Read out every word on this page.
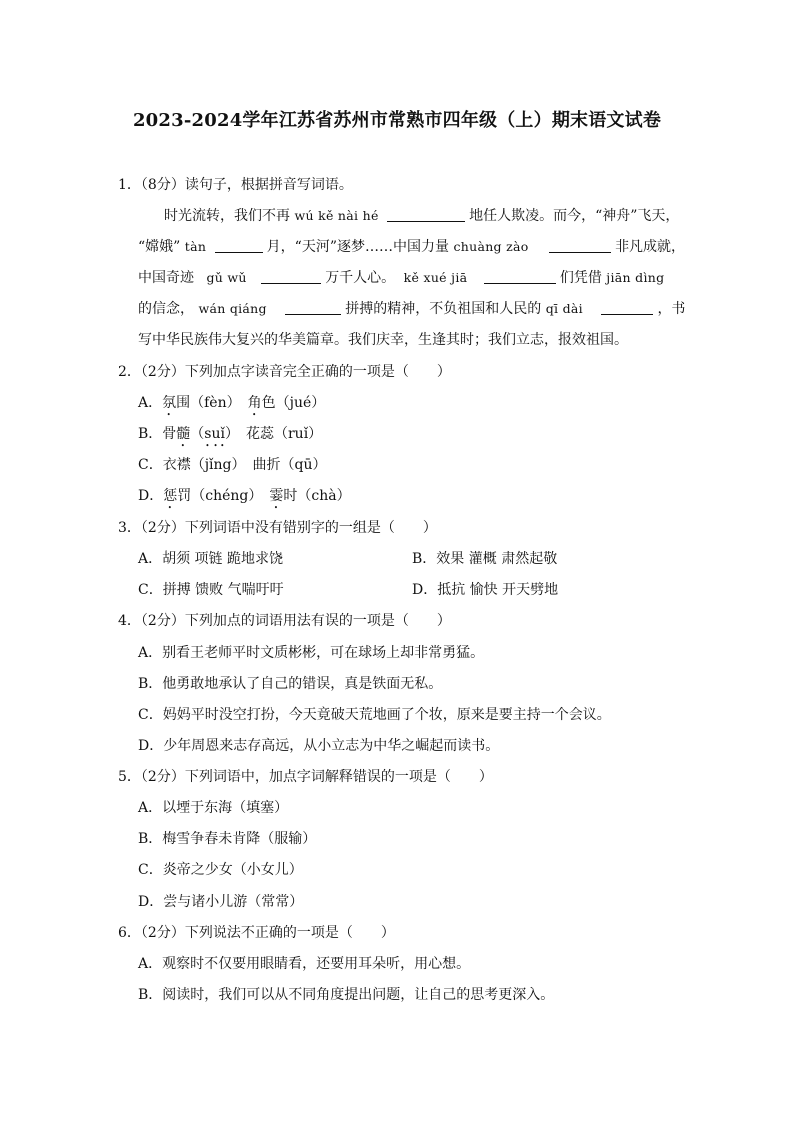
2023-2024学年江苏省苏州市常熟市四年级（上）期末语文试卷
1．（8分）读句子，根据拼音写词语。
时光流转，我们不再 wú kě nài hé	地任人欺凌。而今，“神舟”飞天，
“嫦娥” tàn	月，“天河”逐梦……中国力量 chuàng zào	非凡成就，
中国奇迹 gǔ wǔ	万千人心。 kě xué jiā	们凭借 jiān dìng
的信念， wán qiáng	拼搏的精神，不负祖国和人民的 qī dài	，书
写中华民族伟大复兴的华美篇章。我们庆幸，生逢其时；我们立志，报效祖国。
2．（2分）下列加点字读音完全正确的一项是（　　）
A．氛围（fèn）　 角色（jué）
B．骨髓（suǐ）　 花蕊（ruǐ）
C．衣襟（jǐng）　 曲折（qū）
D．惩罚（chéng）　 霎时（chà）
3．（2分）下列词语中没有错别字的一组是（　　）
A．胡须 项链 跪地求饶	B．效果 灌概 肃然起敬
C．拼搏 馈败 气喘吁吁	D．抵抗 愉快 开天劈地
4．（2分）下列加点的词语用法有误的一项是（　　）
A．别看王老师平时文质彬彬，可在球场上却非常勇猛。
B．他勇敢地承认了自己的错误，真是铁面无私。
C．妈妈平时没空打扮，今天竟破天荒地画了个妆，原来是要主持一个会议。
D．少年周恩来志存高远，从小立志为中华之崛起而读书。
5．（2分）下列词语中，加点字词解释错误的一项是（　　）
A．以堙于东海（填塞）
B．梅雪争春未肯降（服输）
C．炎帝之少女（小女儿）
D．尝与诸小儿游（常常）
6．（2分）下列说法不正确的一项是（　　）
A．观察时不仅要用眼睛看，还要用耳朵听，用心想。
B．阅读时，我们可以从不同角度提出问题，让自己的思考更深入。
